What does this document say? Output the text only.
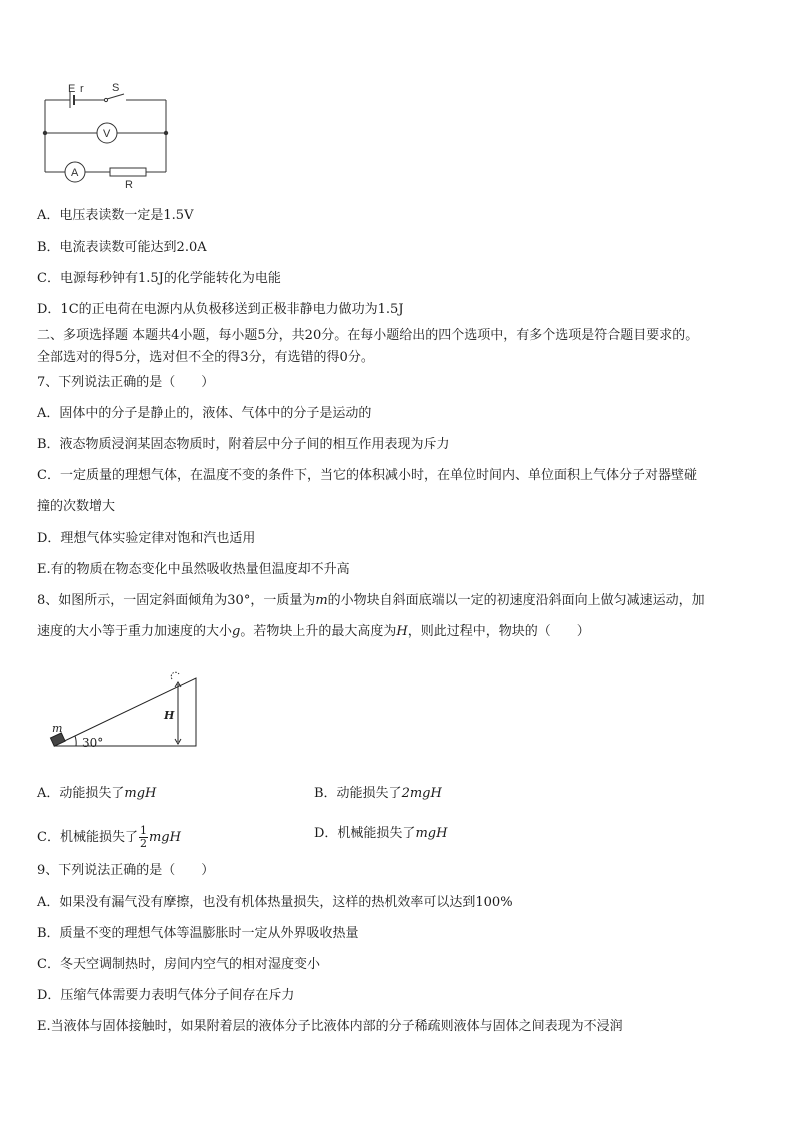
E r	S
V
A
R
A．电压表读数一定是1.5V
B．电流表读数可能达到2.0A
C．电源每秒钟有1.5J的化学能转化为电能
D．1C的正电荷在电源内从负极移送到正极非静电力做功为1.5J
二、多项选择题 本题共4小题，每小题5分，共20分。在每小题给出的四个选项中，有多个选项是符合题目要求的。
全部选对的得5分，选对但不全的得3分，有选错的得0分。
7、下列说法正确的是（　　）
A．固体中的分子是静止的，液体、气体中的分子是运动的
B．液态物质浸润某固态物质时，附着层中分子间的相互作用表现为斥力
C．一定质量的理想气体，在温度不变的条件下，当它的体积减小时，在单位时间内、单位面积上气体分子对器壁碰
撞的次数增大
D．理想气体实验定律对饱和汽也适用
E.有的物质在物态变化中虽然吸收热量但温度却不升高
8、如图所示，一固定斜面倾角为30°，一质量为m的小物块自斜面底端以一定的初速度沿斜面向上做匀减速运动，加
速度的大小等于重力加速度的大小g。若物块上升的最大高度为H，则此过程中，物块的（　　）
m
H
30°
A．动能损失了mgH	B．动能损失了2mgH
C．机械能损失了 $\frac{1}{2}$ mgH	D．机械能损失了mgH
9、下列说法正确的是（　　）
A．如果没有漏气没有摩擦，也没有机体热量损失，这样的热机效率可以达到100%
B．质量不变的理想气体等温膨胀时一定从外界吸收热量
C．冬天空调制热时，房间内空气的相对湿度变小
D．压缩气体需要力表明气体分子间存在斥力
E.当液体与固体接触时，如果附着层的液体分子比液体内部的分子稀疏则液体与固体之间表现为不浸润
